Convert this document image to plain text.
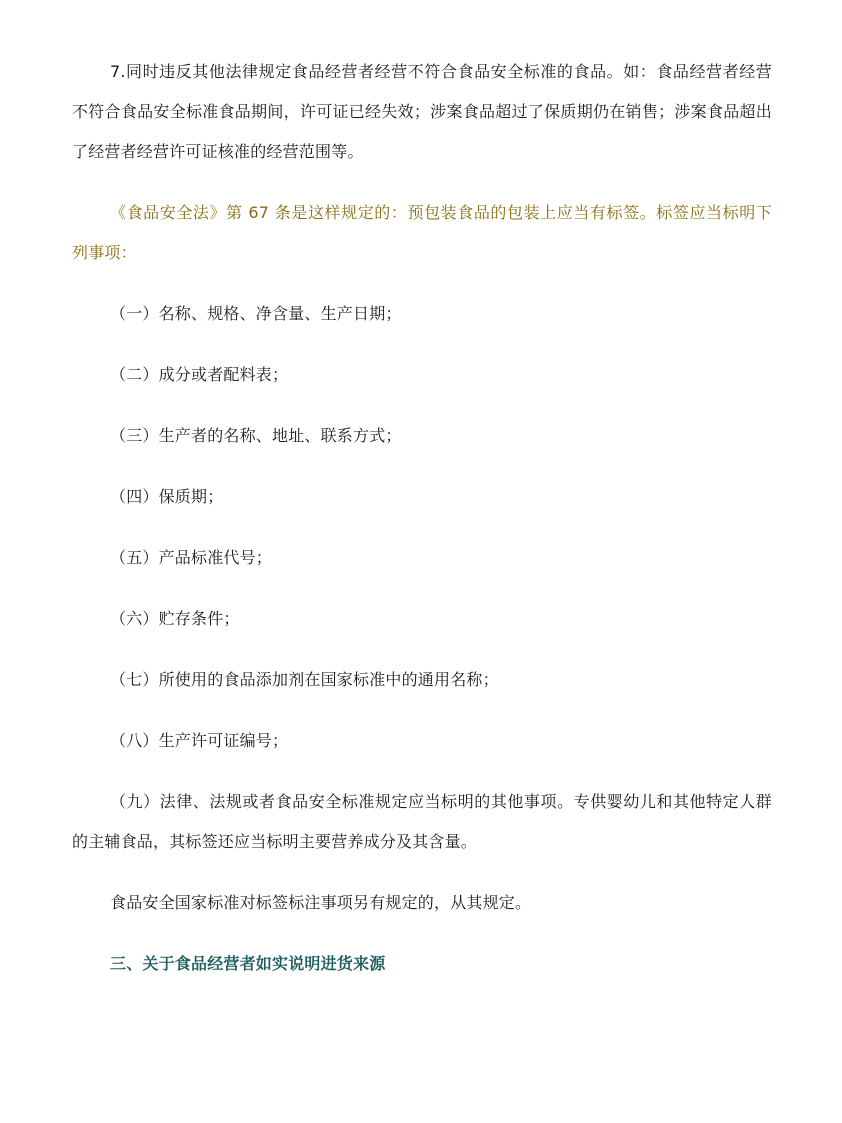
7.同时违反其他法律规定食品经营者经营不符合食品安全标准的食品。如：食品经营者经营不符合食品安全标准食品期间，许可证已经失效；涉案食品超过了保质期仍在销售；涉案食品超出了经营者经营许可证核准的经营范围等。

《食品安全法》第 67 条是这样规定的：预包装食品的包装上应当有标签。标签应当标明下列事项：

（一）名称、规格、净含量、生产日期；

（二）成分或者配料表；

（三）生产者的名称、地址、联系方式；

（四）保质期；

（五）产品标准代号；

（六）贮存条件；

（七）所使用的食品添加剂在国家标准中的通用名称；

（八）生产许可证编号；

（九）法律、法规或者食品安全标准规定应当标明的其他事项。专供婴幼儿和其他特定人群的主辅食品，其标签还应当标明主要营养成分及其含量。

食品安全国家标准对标签标注事项另有规定的，从其规定。

三、关于食品经营者如实说明进货来源
